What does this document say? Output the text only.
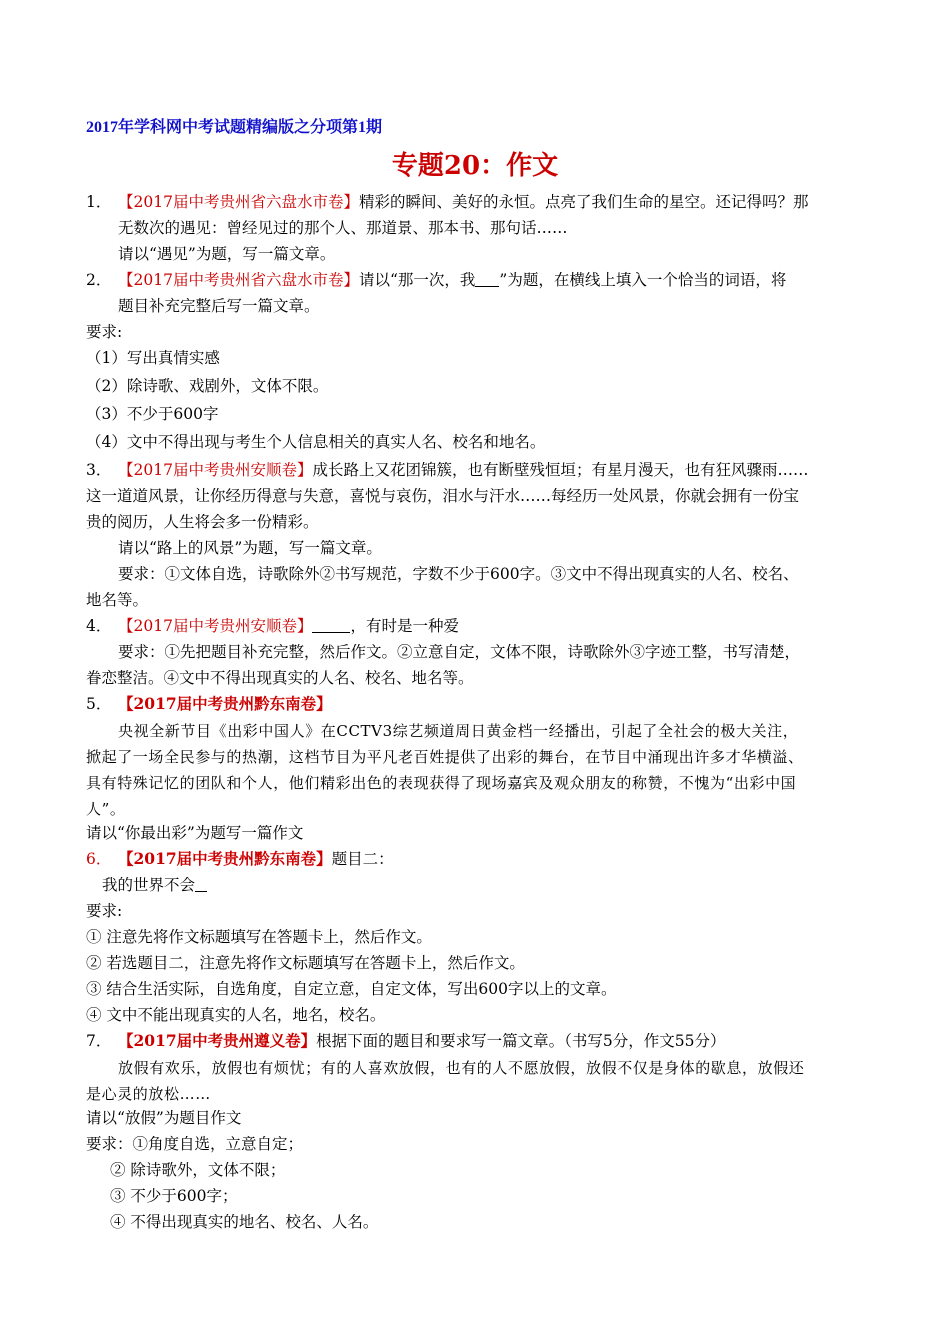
2017年学科网中考试题精编版之分项第1期
专题20：作文
1． 【2017届中考贵州省六盘水市卷】精彩的瞬间、美好的永恒。点亮了我们生命的星空。还记得吗？那
无数次的遇见：曾经见过的那个人、那道景、那本书、那句话……
请以“遇见”为题，写一篇文章。
2． 【2017届中考贵州省六盘水市卷】请以“那一次，我 ”为题，在横线上填入一个恰当的词语，将
题目补充完整后写一篇文章。
要求:
（1）写出真情实感
（2）除诗歌、戏剧外，文体不限。
（3）不少于600字
（4）文中不得出现与考生个人信息相关的真实人名、校名和地名。
3． 【2017届中考贵州安顺卷】成长路上又花团锦簇，也有断壁残恒垣；有星月漫天，也有狂风骤雨……
这一道道风景，让你经历得意与失意，喜悦与哀伤，泪水与汗水……每经历一处风景，你就会拥有一份宝
贵的阅历，人生将会多一份精彩。
请以“路上的风景”为题，写一篇文章。
要求：①文体自选，诗歌除外②书写规范，字数不少于600字。③文中不得出现真实的人名、校名、
地名等。
4． 【2017届中考贵州安顺卷】 ，有时是一种爱
要求：①先把题目补充完整，然后作文。②立意自定，文体不限，诗歌除外③字迹工整，书写清楚，
眷恋整洁。④文中不得出现真实的人名、校名、地名等。
5． 【2017届中考贵州黔东南卷】
央视全新节目《出彩中国人》在CCTV3综艺频道周日黄金档一经播出，引起了全社会的极大关注，
掀起了一场全民参与的热潮，这档节目为平凡老百姓提供了出彩的舞台，在节目中涌现出许多才华横溢、
具有特殊记忆的团队和个人，他们精彩出色的表现获得了现场嘉宾及观众朋友的称赞，不愧为“出彩中国
人”。
请以“你最出彩”为题写一篇作文
6． 【2017届中考贵州黔东南卷】题目二：
我的世界不会
要求:
① 注意先将作文标题填写在答题卡上，然后作文。
② 若选题目二，注意先将作文标题填写在答题卡上，然后作文。
③ 结合生活实际，自选角度，自定立意，自定文体，写出600字以上的文章。
④ 文中不能出现真实的人名，地名，校名。
7． 【2017届中考贵州遵义卷】根据下面的题目和要求写一篇文章。（书写5分，作文55分）
放假有欢乐，放假也有烦忧；有的人喜欢放假，也有的人不愿放假，放假不仅是身体的歇息，放假还
是心灵的放松……
请以“放假”为题目作文
要求：①角度自选，立意自定；
② 除诗歌外，文体不限；
③ 不少于600字；
④ 不得出现真实的地名、校名、人名。
